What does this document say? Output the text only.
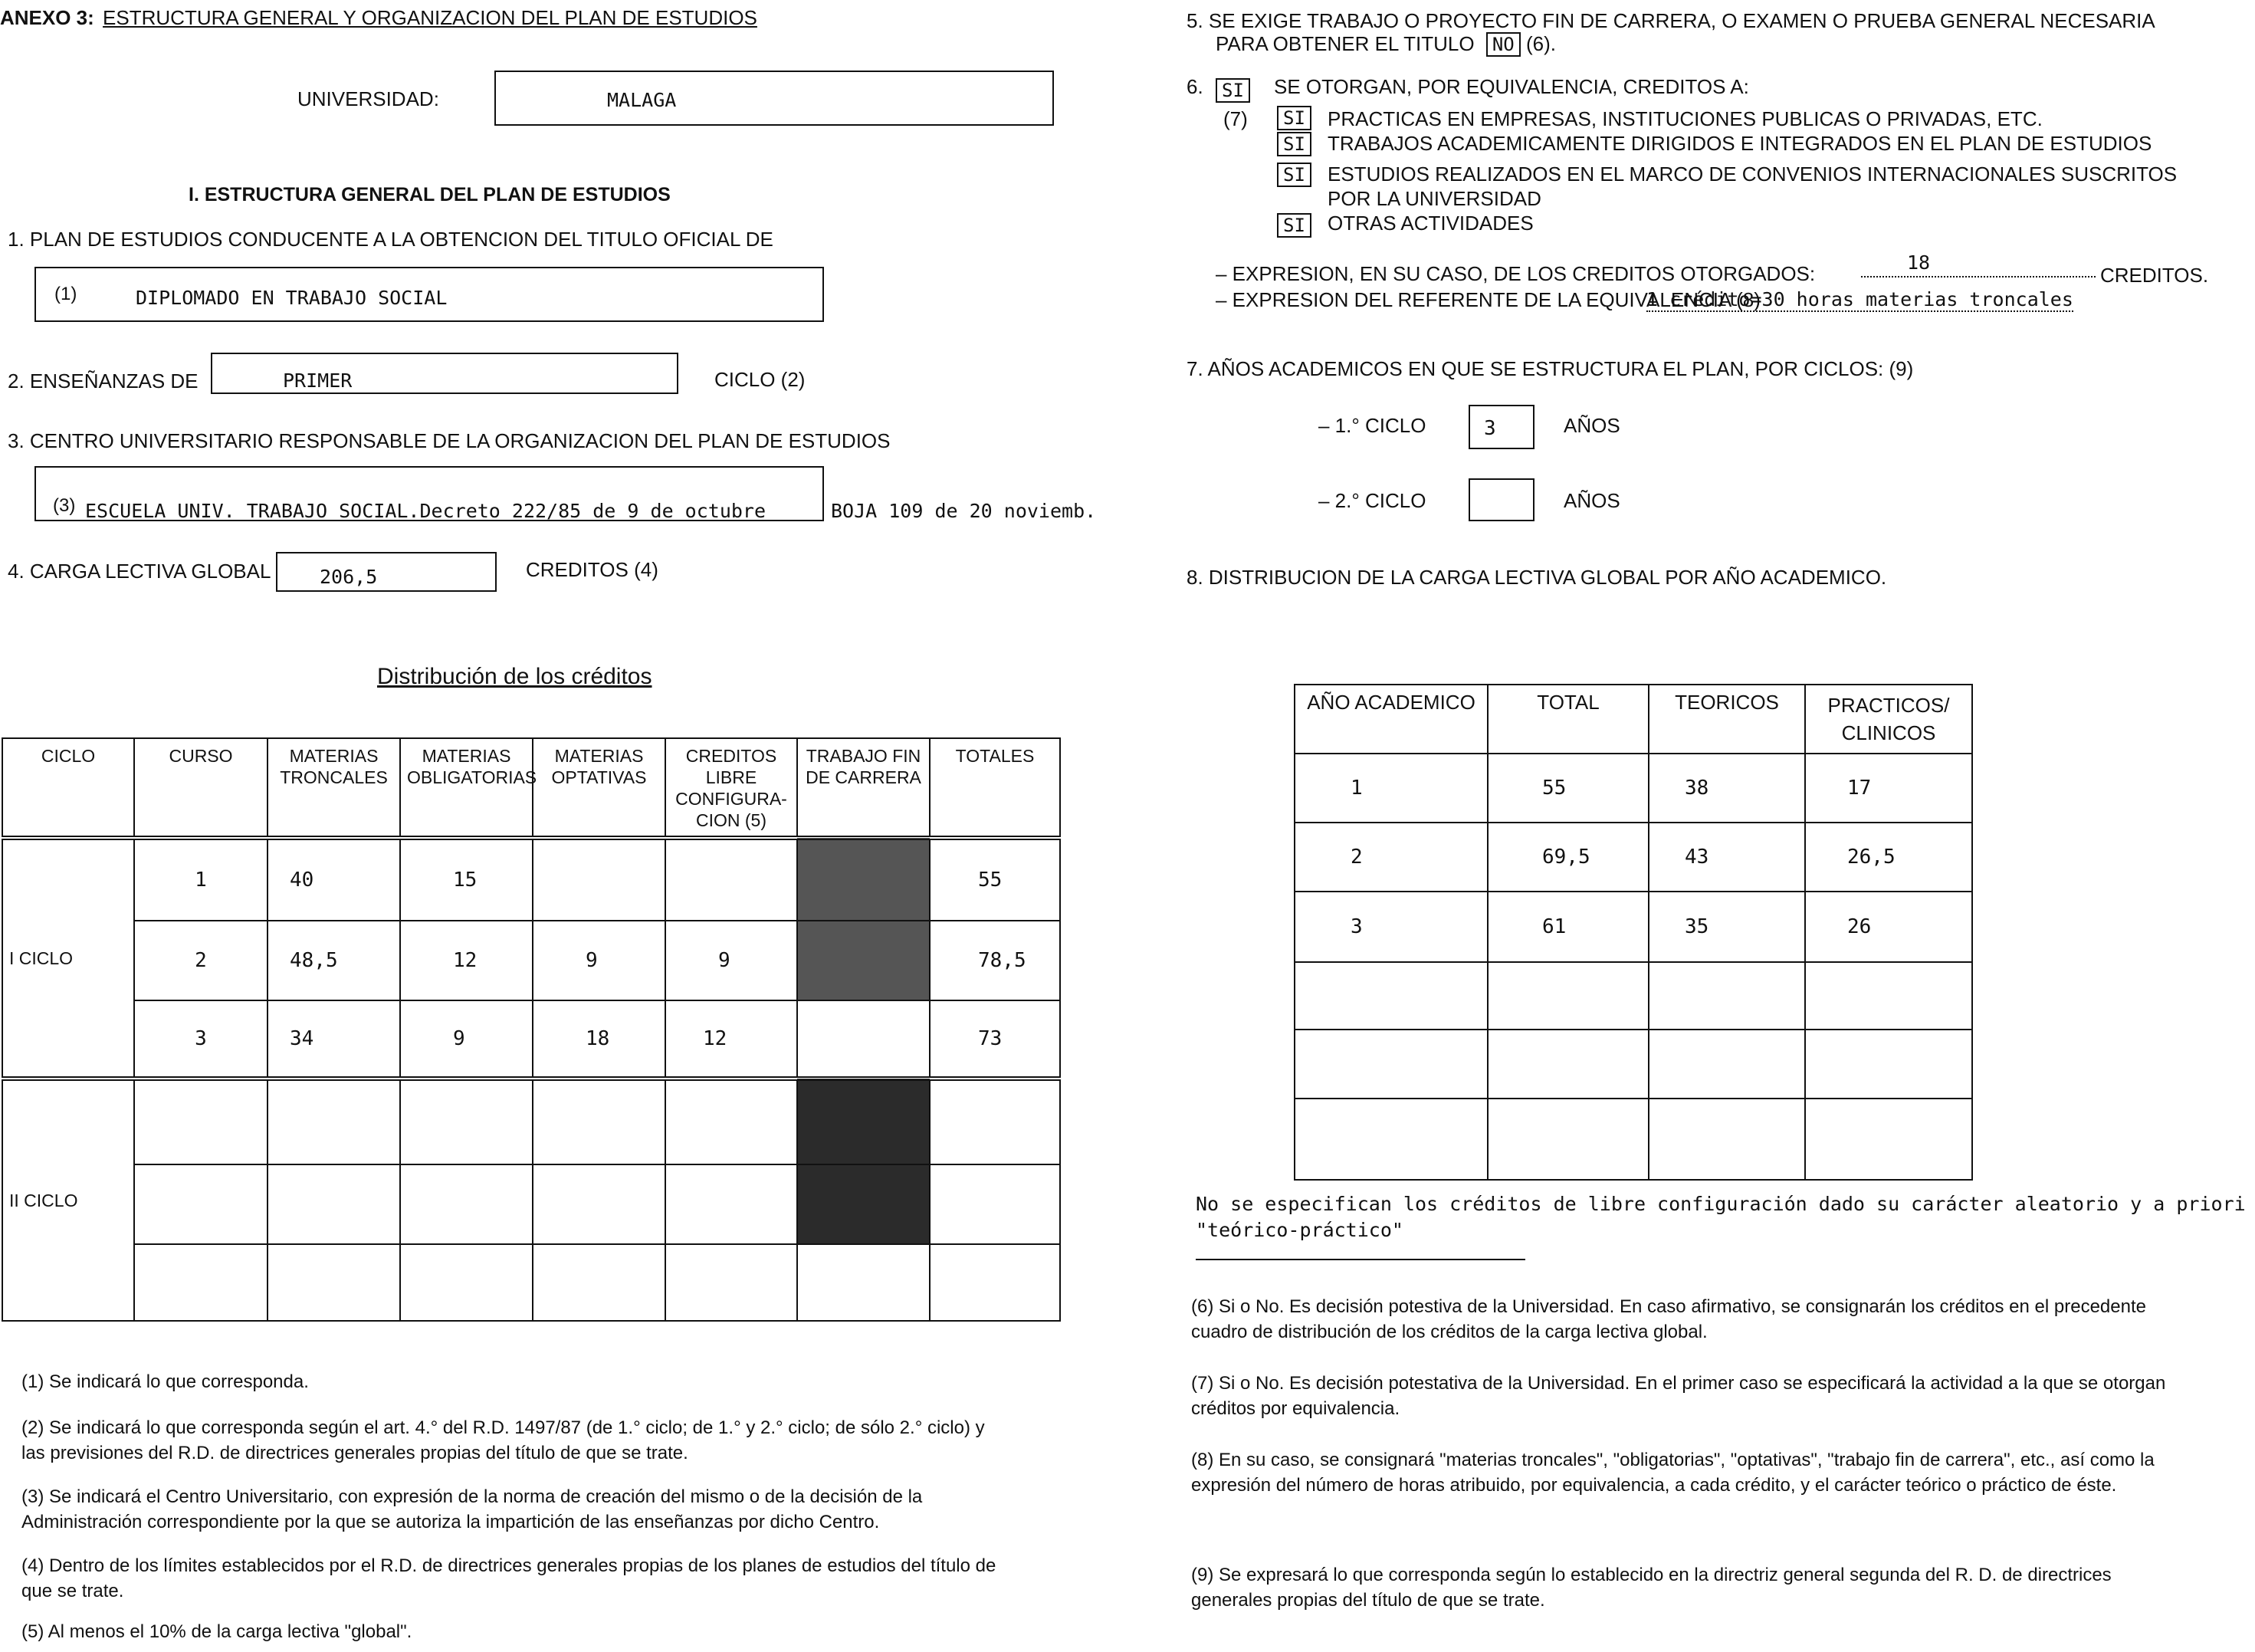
ANEXO 3: ESTRUCTURA GENERAL Y ORGANIZACION DEL PLAN DE ESTUDIOS
UNIVERSIDAD:	MALAGA
I. ESTRUCTURA GENERAL DEL PLAN DE ESTUDIOS
1. PLAN DE ESTUDIOS CONDUCENTE A LA OBTENCION DEL TITULO OFICIAL DE
(1)	DIPLOMADO EN TRABAJO SOCIAL
2. ENSEÑANZAS DE	PRIMER	CICLO (2)
3. CENTRO UNIVERSITARIO RESPONSABLE DE LA ORGANIZACION DEL PLAN DE ESTUDIOS
(3) ESCUELA UNIV. TRABAJO SOCIAL.Decreto 222/85 de 9 de octubre	BOJA 109 de 20 noviemb.
4. CARGA LECTIVA GLOBAL	206,5	CREDITOS (4)
Distribución de los créditos
CICLO	CURSO	MATERIAS TRONCALES	MATERIAS OBLIGATORIAS	MATERIAS OPTATIVAS	CREDITOS LIBRE CONFIGURA- CION (5)	TRABAJO FIN DE CARRERA	TOTALES
I CICLO	1	40	15				55
	2	48,5	12	9	9		78,5
	3	34	9	18	12		73
II CICLO							

(1) Se indicará lo que corresponda.
(2) Se indicará lo que corresponda según el art. 4.° del R.D. 1497/87 (de 1.° ciclo; de 1.° y 2.° ciclo; de sólo 2.° ciclo) y las previsiones del R.D. de directrices generales propias del título de que se trate.
(3) Se indicará el Centro Universitario, con expresión de la norma de creación del mismo o de la decisión de la Administración correspondiente por la que se autoriza la impartición de las enseñanzas por dicho Centro.
(4) Dentro de los límites establecidos por el R.D. de directrices generales propias de los planes de estudios del título de que se trate.
(5) Al menos el 10% de la carga lectiva "global".
5. SE EXIGE TRABAJO O PROYECTO FIN DE CARRERA, O EXAMEN O PRUEBA GENERAL NECESARIA
PARA OBTENER EL TITULO NO (6).
6.	SI
(7)
SE OTORGAN, POR EQUIVALENCIA, CREDITOS A:
SI	PRACTICAS EN EMPRESAS, INSTITUCIONES PUBLICAS O PRIVADAS, ETC.
SI	TRABAJOS ACADEMICAMENTE DIRIGIDOS E INTEGRADOS EN EL PLAN DE ESTUDIOS
SI	ESTUDIOS REALIZADOS EN EL MARCO DE CONVENIOS INTERNACIONALES SUSCRITOS
POR LA UNIVERSIDAD
SI	OTRAS ACTIVIDADES
– EXPRESION, EN SU CASO, DE LOS CREDITOS OTORGADOS:	18
CREDITOS.
– EXPRESION DEL REFERENTE DE LA EQUIVALENCIA (8)
1 crédito=30 horas materias troncales
7. AÑOS ACADEMICOS EN QUE SE ESTRUCTURA EL PLAN, POR CICLOS: (9)
– 1.° CICLO	3	AÑOS
– 2.° CICLO	AÑOS
8. DISTRIBUCION DE LA CARGA LECTIVA GLOBAL POR AÑO ACADEMICO.
AÑO ACADEMICO	TOTAL	TEORICOS	PRACTICOS/ CLINICOS
1	55	38	17
2	69,5	43	26,5
3	61	35	26

No se especifican los créditos de libre configuración dado su carácter aleatorio y a priori "teórico-práctico"
(6) Si o No. Es decisión potestiva de la Universidad. En caso afirmativo, se consignarán los créditos en el precedente cuadro de distribución de los créditos de la carga lectiva global.
(7) Si o No. Es decisión potestativa de la Universidad. En el primer caso se especificará la actividad a la que se otorgan créditos por equivalencia.
(8) En su caso, se consignará "materias troncales", "obligatorias", "optativas", "trabajo fin de carrera", etc., así como la expresión del número de horas atribuido, por equivalencia, a cada crédito, y el carácter teórico o práctico de éste.
(9) Se expresará lo que corresponda según lo establecido en la directriz general segunda del R. D. de directrices generales propias del título de que se trate.
